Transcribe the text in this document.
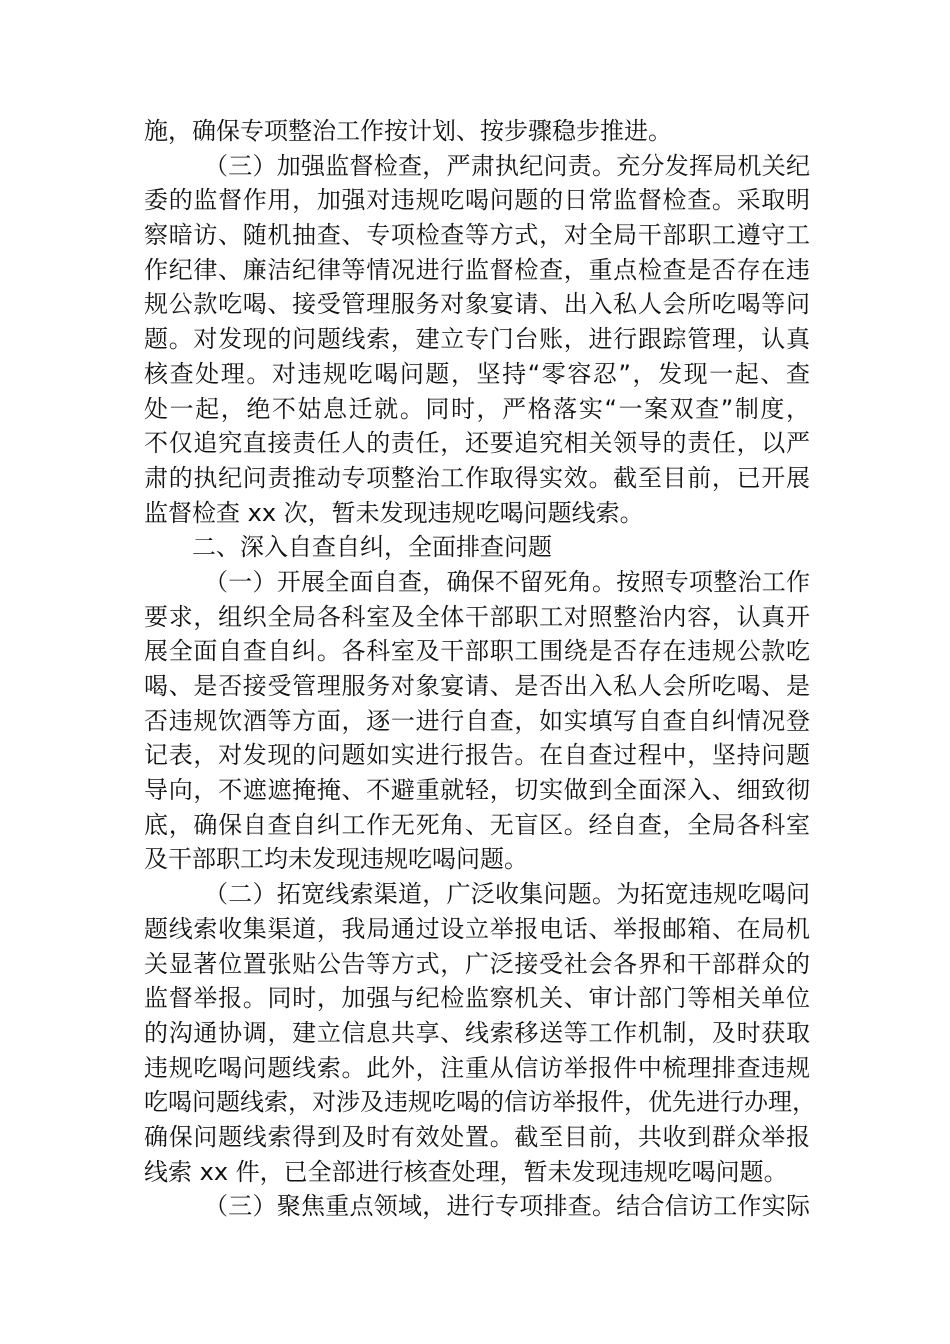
施，确保专项整治工作按计划、按步骤稳步推进。
（三）加强监督检查，严肃执纪问责。充分发挥局机关纪
委的监督作用，加强对违规吃喝问题的日常监督检查。采取明
察暗访、随机抽查、专项检查等方式，对全局干部职工遵守工
作纪律、廉洁纪律等情况进行监督检查，重点检查是否存在违
规公款吃喝、接受管理服务对象宴请、出入私人会所吃喝等问
题。对发现的问题线索，建立专门台账，进行跟踪管理，认真
核查处理。对违规吃喝问题，坚持“零容忍”，发现一起、查
处一起，绝不姑息迁就。同时，严格落实“一案双查”制度，
不仅追究直接责任人的责任，还要追究相关领导的责任，以严
肃的执纪问责推动专项整治工作取得实效。截至目前，已开展
监督检查 xx 次，暂未发现违规吃喝问题线索。
二、深入自查自纠，全面排查问题
（一）开展全面自查，确保不留死角。按照专项整治工作
要求，组织全局各科室及全体干部职工对照整治内容，认真开
展全面自查自纠。各科室及干部职工围绕是否存在违规公款吃
喝、是否接受管理服务对象宴请、是否出入私人会所吃喝、是
否违规饮酒等方面，逐一进行自查，如实填写自查自纠情况登
记表，对发现的问题如实进行报告。在自查过程中，坚持问题
导向，不遮遮掩掩、不避重就轻，切实做到全面深入、细致彻
底，确保自查自纠工作无死角、无盲区。经自查，全局各科室
及干部职工均未发现违规吃喝问题。
（二）拓宽线索渠道，广泛收集问题。为拓宽违规吃喝问
题线索收集渠道，我局通过设立举报电话、举报邮箱、在局机
关显著位置张贴公告等方式，广泛接受社会各界和干部群众的
监督举报。同时，加强与纪检监察机关、审计部门等相关单位
的沟通协调，建立信息共享、线索移送等工作机制，及时获取
违规吃喝问题线索。此外，注重从信访举报件中梳理排查违规
吃喝问题线索，对涉及违规吃喝的信访举报件，优先进行办理，
确保问题线索得到及时有效处置。截至目前，共收到群众举报
线索 xx 件，已全部进行核查处理，暂未发现违规吃喝问题。
（三）聚焦重点领域，进行专项排查。结合信访工作实际
